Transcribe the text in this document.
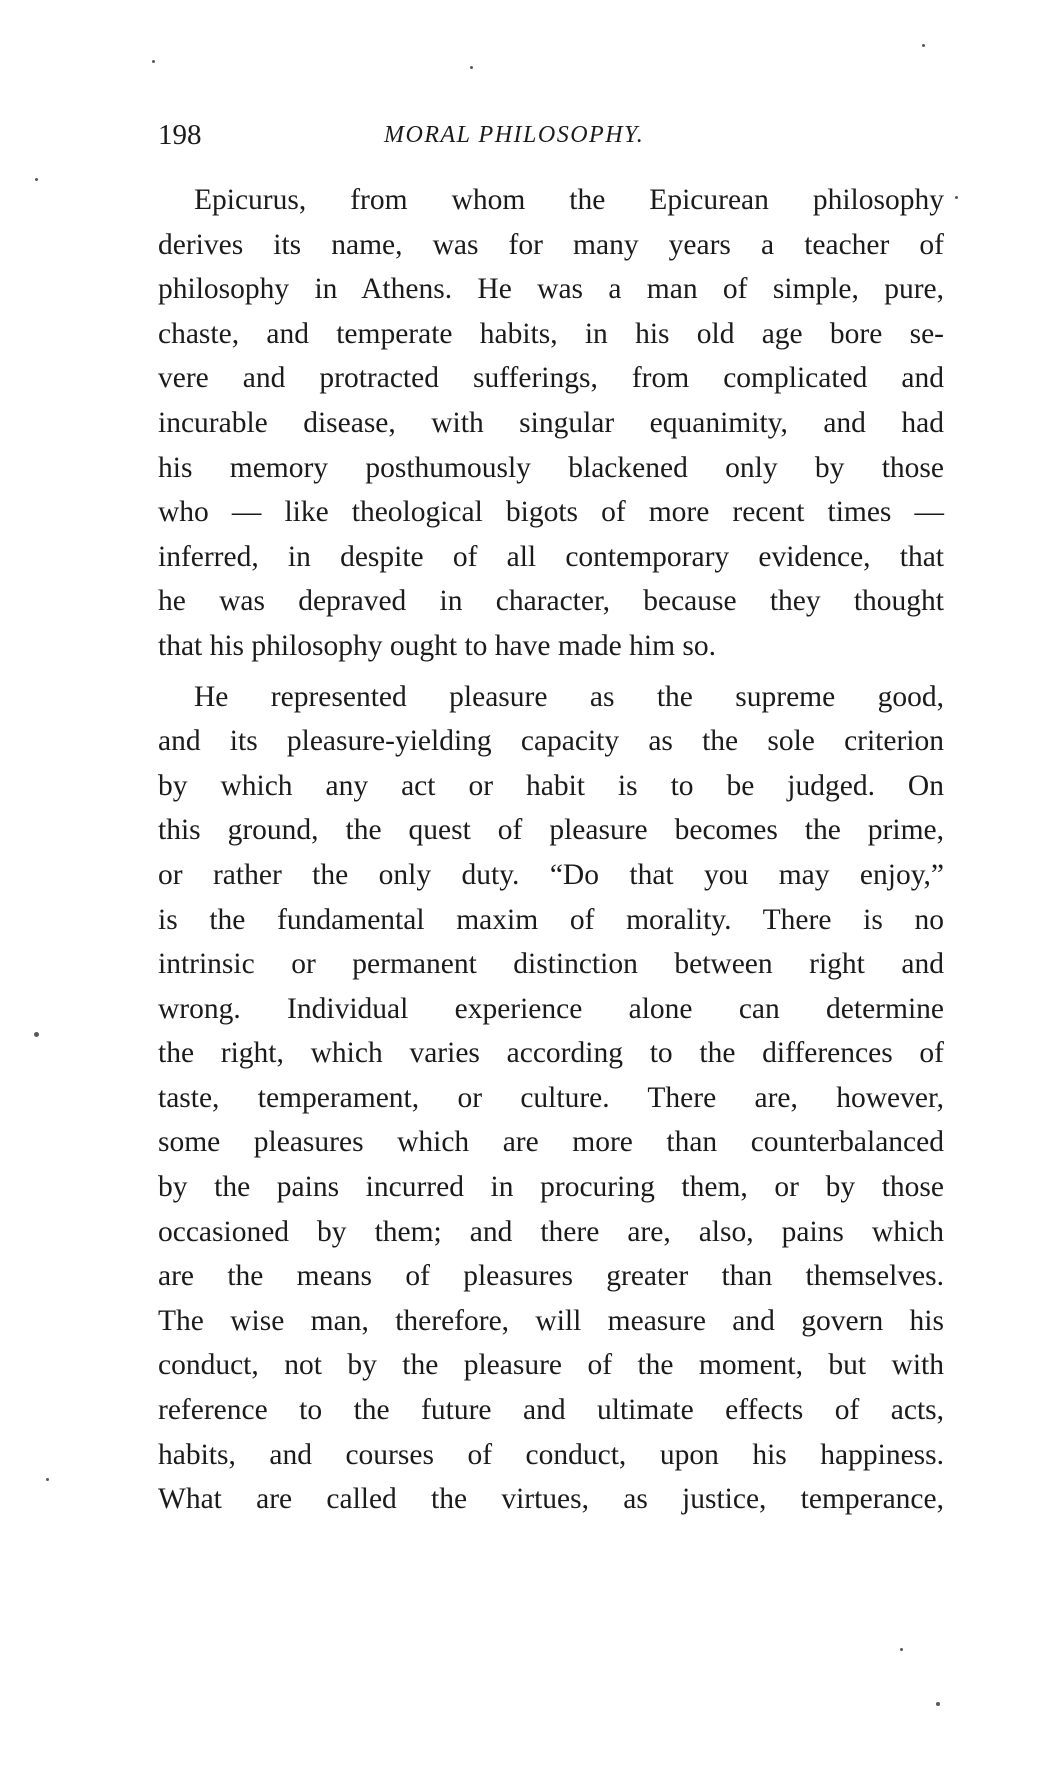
198	MORAL PHILOSOPHY.
Epicurus, from whom the Epicurean philosophy
derives its name, was for many years a teacher of
philosophy in Athens. He was a man of simple, pure,
chaste, and temperate habits, in his old age bore se-
vere and protracted sufferings, from complicated and
incurable disease, with singular equanimity, and had
his memory posthumously blackened only by those
who — like theological bigots of more recent times —
inferred, in despite of all contemporary evidence, that
he was depraved in character, because they thought
that his philosophy ought to have made him so.
He represented pleasure as the supreme good,
and its pleasure-yielding capacity as the sole criterion
by which any act or habit is to be judged. On
this ground, the quest of pleasure becomes the prime,
or rather the only duty. “Do that you may enjoy,”
is the fundamental maxim of morality. There is no
intrinsic or permanent distinction between right and
wrong. Individual experience alone can determine
the right, which varies according to the differences of
taste, temperament, or culture. There are, however,
some pleasures which are more than counterbalanced
by the pains incurred in procuring them, or by those
occasioned by them; and there are, also, pains which
are the means of pleasures greater than themselves.
The wise man, therefore, will measure and govern his
conduct, not by the pleasure of the moment, but with
reference to the future and ultimate effects of acts,
habits, and courses of conduct, upon his happiness.
What are called the virtues, as justice, temperance,
